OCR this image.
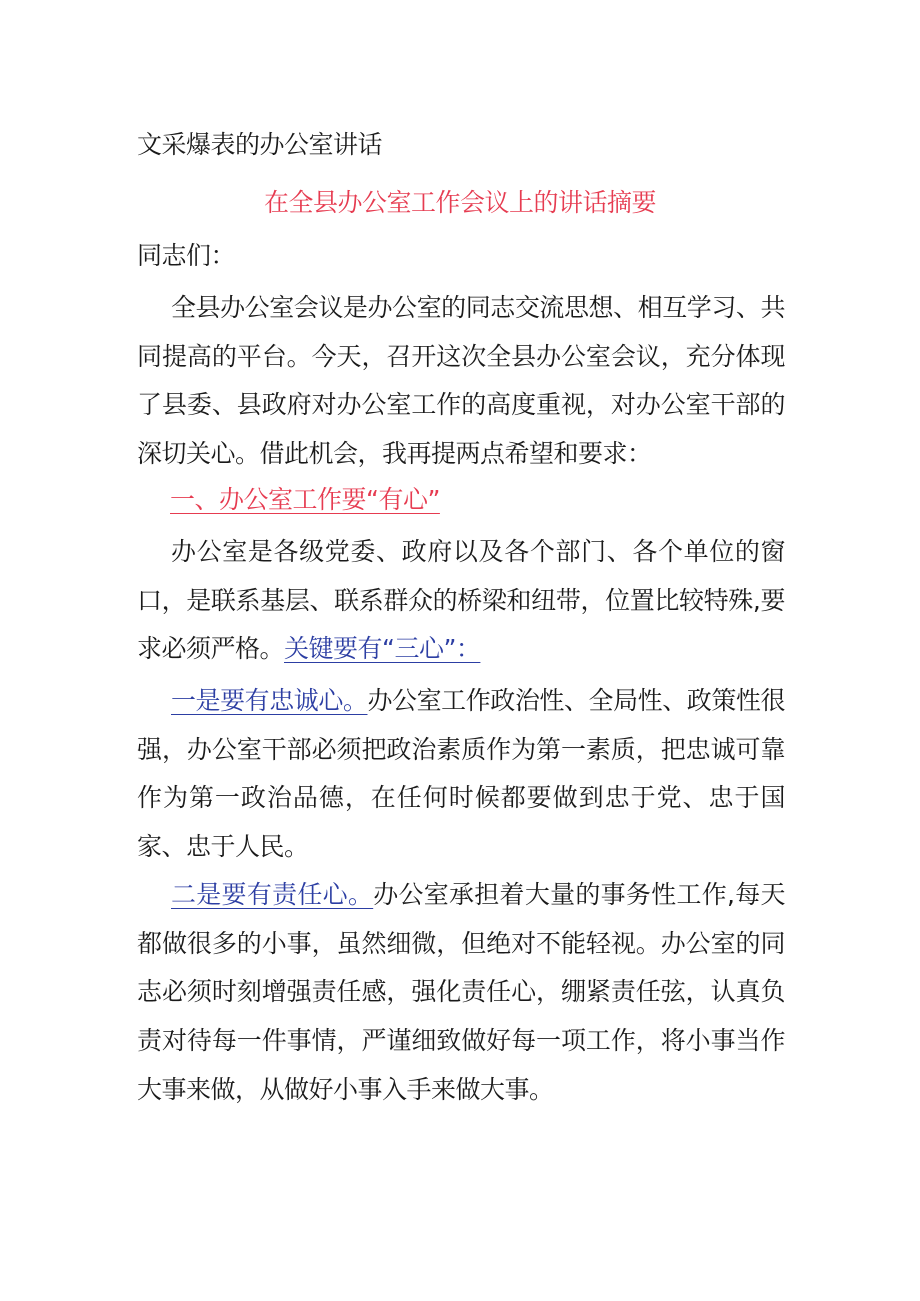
文采爆表的办公室讲话
在全县办公室工作会议上的讲话摘要
同志们：

全县办公室会议是办公室的同志交流思想、相互学习、共同提高的平台。今天，召开这次全县办公室会议，充分体现了县委、县政府对办公室工作的高度重视，对办公室干部的深切关心。借此机会，我再提两点希望和要求：

一、办公室工作要“有心”

办公室是各级党委、政府以及各个部门、各个单位的窗口，是联系基层、联系群众的桥梁和纽带，位置比较特殊,要求必须严格。关键要有“三心”：

一是要有忠诚心。办公室工作政治性、全局性、政策性很强，办公室干部必须把政治素质作为第一素质，把忠诚可靠作为第一政治品德，在任何时候都要做到忠于党、忠于国家、忠于人民。

二是要有责任心。办公室承担着大量的事务性工作,每天都做很多的小事，虽然细微，但绝对不能轻视。办公室的同志必须时刻增强责任感，强化责任心，绷紧责任弦，认真负责对待每一件事情，严谨细致做好每一项工作，将小事当作大事来做，从做好小事入手来做大事。
